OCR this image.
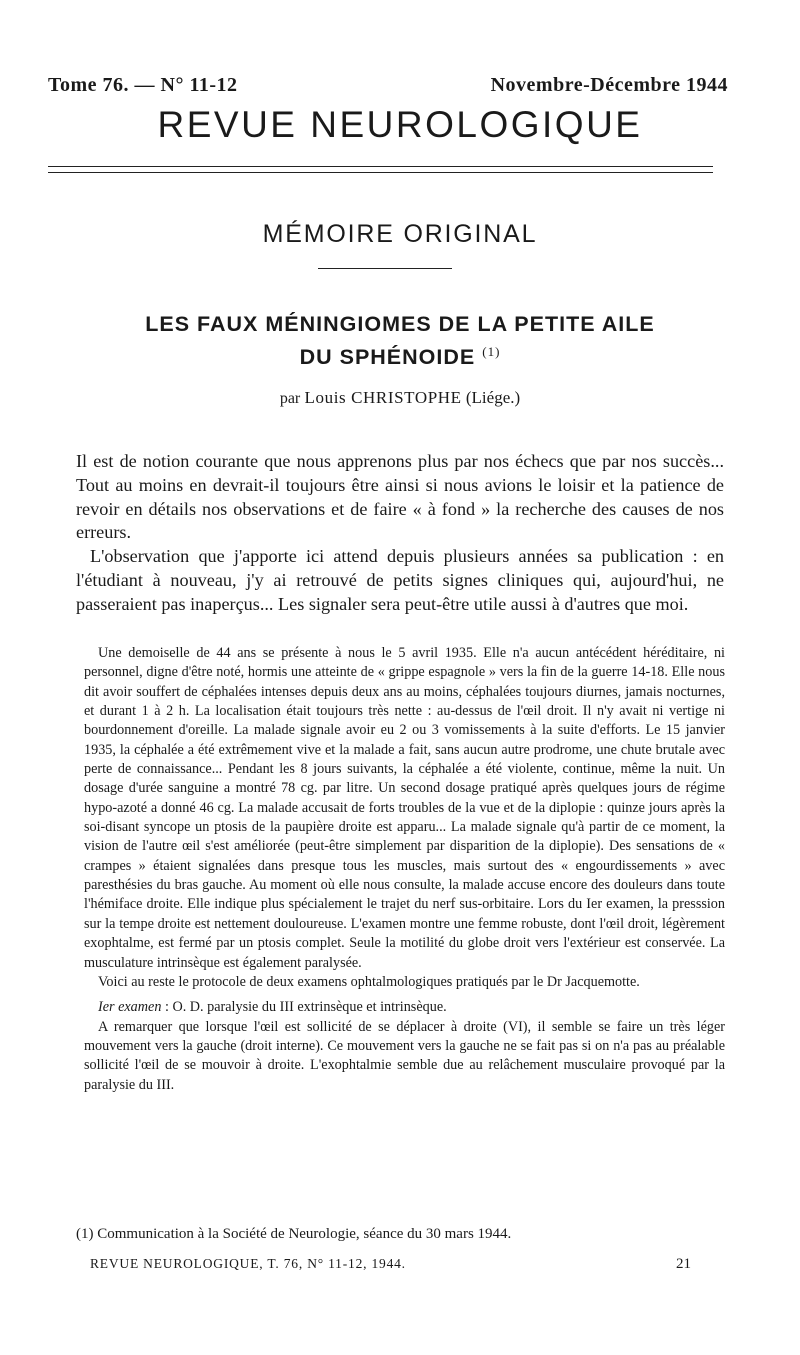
Tome 76. — N° 11-12	Novembre-Décembre 1944
REVUE NEUROLOGIQUE
MÉMOIRE ORIGINAL
LES FAUX MÉNINGIOMES DE LA PETITE AILE
DU SPHÉNOIDE $^{(1)}$
par Louis CHRISTOPHE (Liége.)

Il est de notion courante que nous apprenons plus par nos échecs que par nos succès... Tout au moins en devrait-il toujours être ainsi si nous avions le loisir et la patience de revoir en détails nos observations et de faire « à fond » la recherche des causes de nos erreurs.

L'observation que j'apporte ici attend depuis plusieurs années sa publication : en l'étudiant à nouveau, j'y ai retrouvé de petits signes cliniques qui, aujourd'hui, ne passeraient pas inaperçus... Les signaler sera peut-être utile aussi à d'autres que moi.

Une demoiselle de 44 ans se présente à nous le 5 avril 1935. Elle n'a aucun antécédent héréditaire, ni personnel, digne d'être noté, hormis une atteinte de « grippe espagnole » vers la fin de la guerre 14-18. Elle nous dit avoir souffert de céphalées intenses depuis deux ans au moins, céphalées toujours diurnes, jamais nocturnes, et durant 1 à 2 h. La localisation était toujours très nette : au-dessus de l'œil droit. Il n'y avait ni vertige ni bourdonnement d'oreille. La malade signale avoir eu 2 ou 3 vomissements à la suite d'efforts. Le 15 janvier 1935, la céphalée a été extrêmement vive et la malade a fait, sans aucun autre prodrome, une chute brutale avec perte de connaissance... Pendant les 8 jours suivants, la céphalée a été violente, continue, même la nuit. Un dosage d'urée sanguine a montré 78 cg. par litre. Un second dosage pratiqué après quelques jours de régime hypo-azoté a donné 46 cg. La malade accusait de forts troubles de la vue et de la diplopie : quinze jours après la soi-disant syncope un ptosis de la paupière droite est apparu... La malade signale qu'à partir de ce moment, la vision de l'autre œil s'est améliorée (peut-être simplement par disparition de la diplopie). Des sensations de « crampes » étaient signalées dans presque tous les muscles, mais surtout des « engourdissements » avec paresthésies du bras gauche. Au moment où elle nous consulte, la malade accuse encore des douleurs dans toute l'hémiface droite. Elle indique plus spécialement le trajet du nerf sus-orbitaire. Lors du Ier examen, la presssion sur la tempe droite est nettement douloureuse. L'examen montre une femme robuste, dont l'œil droit, légèrement exophtalme, est fermé par un ptosis complet. Seule la motilité du globe droit vers l'extérieur est conservée. La musculature intrinsèque est également paralysée.

Voici au reste le protocole de deux examens ophtalmologiques pratiqués par le Dr Jacquemotte.

Ier examen : O. D. paralysie du III extrinsèque et intrinsèque.

A remarquer que lorsque l'œil est sollicité de se déplacer à droite (VI), il semble se faire un très léger mouvement vers la gauche (droit interne). Ce mouvement vers la gauche ne se fait pas si on n'a pas au préalable sollicité l'œil de se mouvoir à droite. L'exophtalmie semble due au relâchement musculaire provoqué par la paralysie du III.

(1) Communication à la Société de Neurologie, séance du 30 mars 1944.
REVUE NEUROLOGIQUE, T. 76, N° 11-12, 1944.	21
